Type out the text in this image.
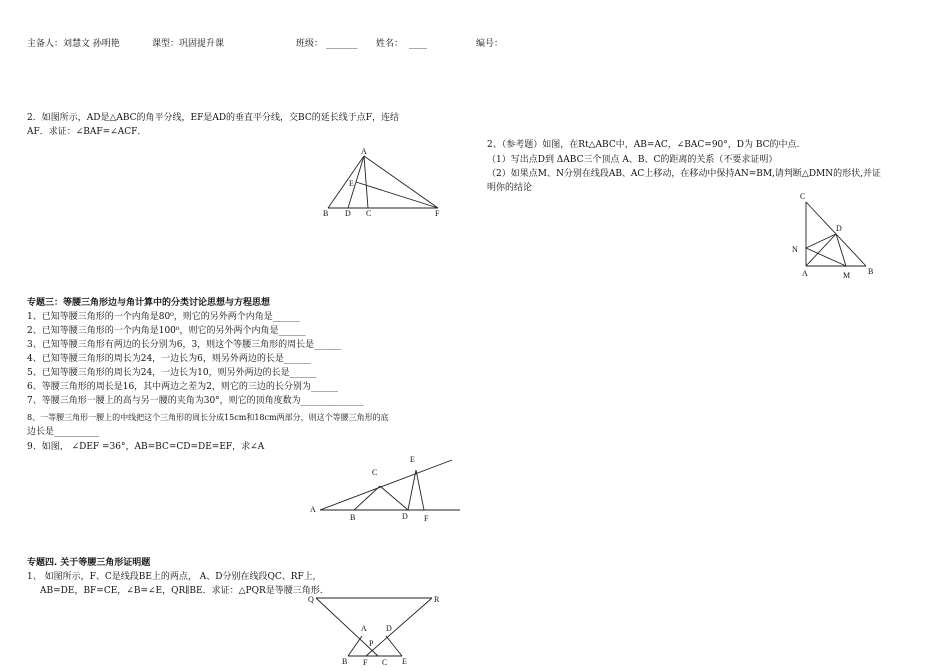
主备人：刘慧文 孙明艳	课型：巩固提升课	班级： _______ 姓名： ____	编号：
2．如图所示，AD是△ABC的角平分线，EF是AD的垂直平分线，交BC的延长线于点F，连结
AF．求证：∠BAF=∠ACF．
A
E
B D C	F
2、（参考题）如图，在Rt△ABC中，AB=AC，∠BAC=90°，D为 BC的中点.
（1）写出点D到 ΔABC三个顶点 A、B、C的距离的关系（不要求证明）
（2）如果点M、N分别在线段AB、AC上移动，在移动中保持AN=BM,请判断△DMN的形状,并证
明你的结论
C
D
N
A	M B
专题三：等腰三角形边与角计算中的分类讨论思想与方程思想
1、已知等腰三角形的一个内角是80⁰，则它的另外两个内角是______
2、已知等腰三角形的一个内角是100⁰，则它的另外两个内角是______
3、已知等腰三角形有两边的长分别为6，3，则这个等腰三角形的周长是______
4、已知等腰三角形的周长为24，一边长为6，则另外两边的长是______
5、已知等腰三角形的周长为24，一边长为10，则另外两边的长是______
6、等腰三角形的周长是16，其中两边之差为2，则它的三边的长分别为______
7、等腰三角形一腰上的高与另一腰的夹角为30°，则它的顶角度数为______________
8、一等腰三角形一腰上的中线把这个三角形的周长分成15cm和18cm两部分，则这个等腰三角形的底
边长是__________
9、如图， ∠DEF =36°，AB=BC=CD=DE=EF，求∠A
A
B
C
D
E
F
专题四. 关于等腰三角形证明题
1、 如图所示，F、C是线段BE上的两点， A、D分别在线段QC、RF上,
AB=DE，BF=CE，∠B=∠E，QR∥BE．求证：△PQR是等腰三角形.
Q	R
A D
P
B F C E
